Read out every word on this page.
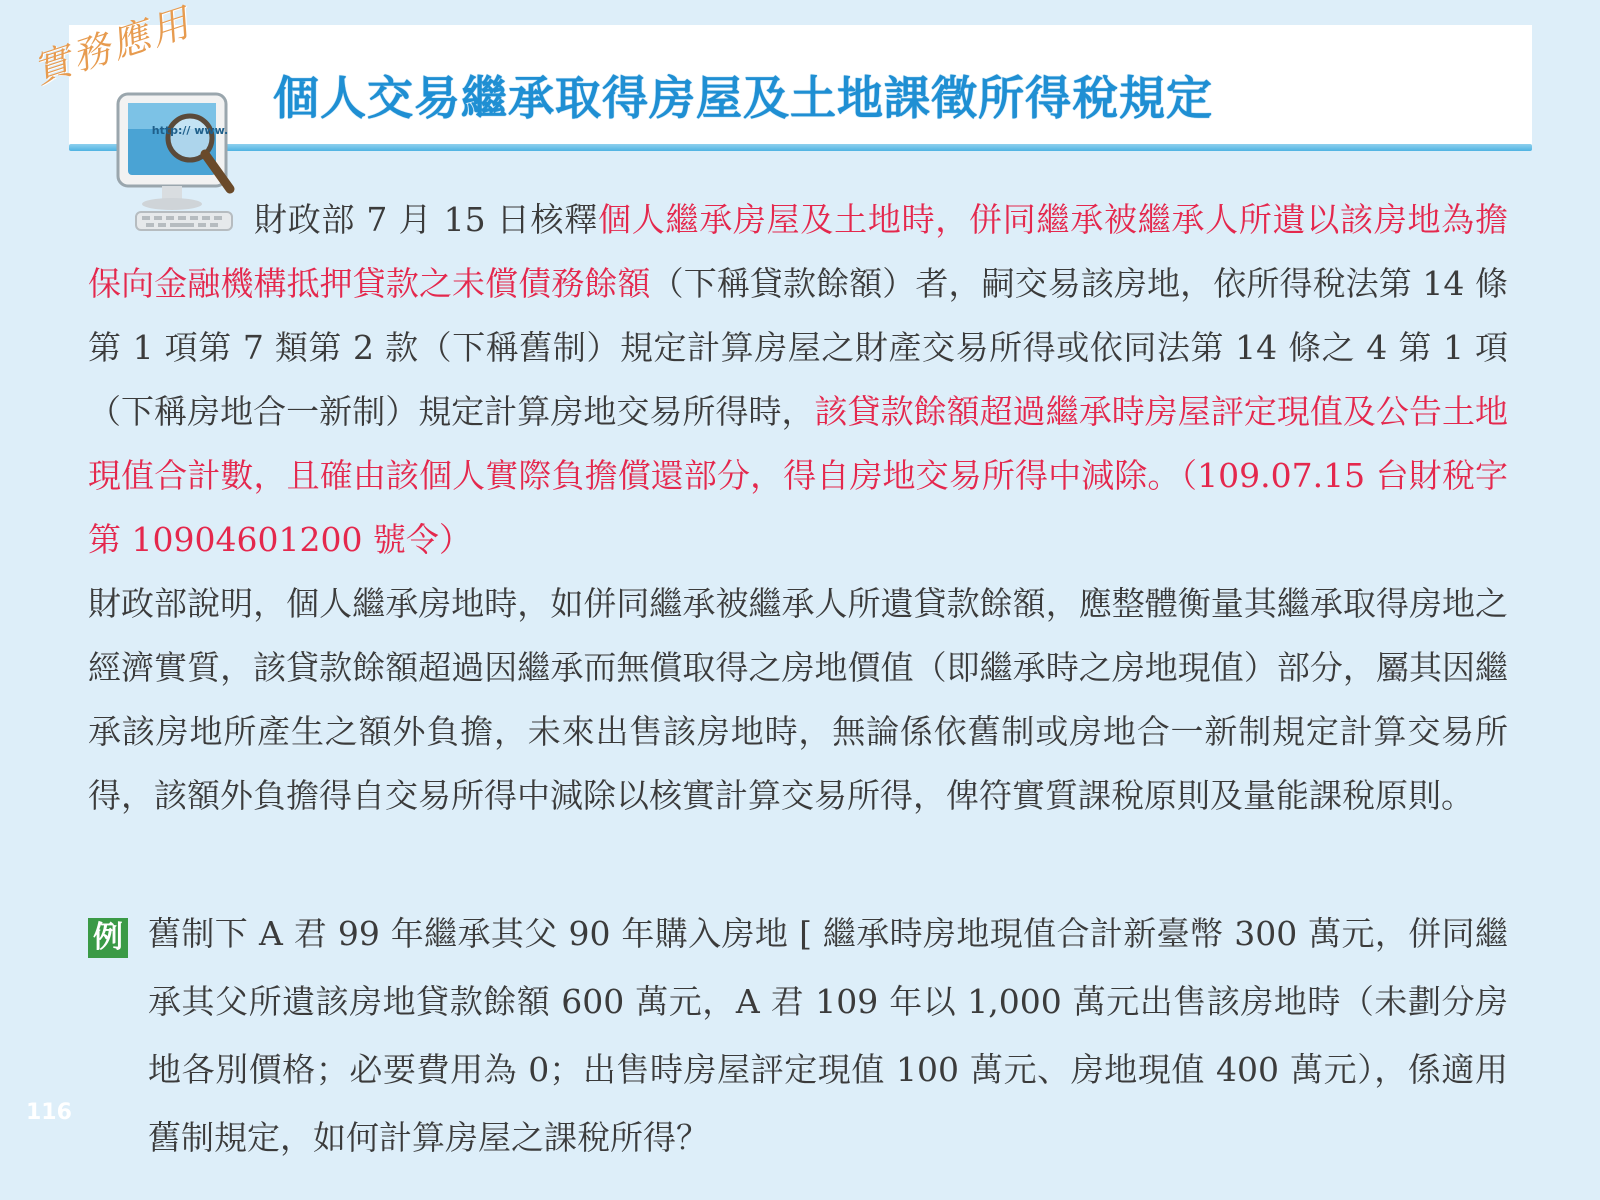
實務應用
http:// www.
個人交易繼承取得房屋及土地課徵所得稅規定
財政部 7 月 15 日核釋個人繼承房屋及土地時，併同繼承被繼承人所遺以該房地為擔保向金融機構抵押貸款之未償債務餘額（下稱貸款餘額）者，嗣交易該房地，依所得稅法第 14 條第 1 項第 7 類第 2 款（下稱舊制）規定計算房屋之財產交易所得或依同法第 14 條之 4 第 1 項（下稱房地合一新制）規定計算房地交易所得時，該貸款餘額超過繼承時房屋評定現值及公告土地現值合計數，且確由該個人實際負擔償還部分，得自房地交易所得中減除。（109.07.15 台財稅字第 10904601200 號令）
財政部說明，個人繼承房地時，如併同繼承被繼承人所遺貸款餘額，應整體衡量其繼承取得房地之經濟實質，該貸款餘額超過因繼承而無償取得之房地價值（即繼承時之房地現值）部分，屬其因繼承該房地所產生之額外負擔，未來出售該房地時，無論係依舊制或房地合一新制規定計算交易所得，該額外負擔得自交易所得中減除以核實計算交易所得，俾符實質課稅原則及量能課稅原則。
例 舊制下 A 君 99 年繼承其父 90 年購入房地 [ 繼承時房地現值合計新臺幣 300 萬元，併同繼承其父所遺該房地貸款餘額 600 萬元，A 君 109 年以 1,000 萬元出售該房地時（未劃分房地各別價格；必要費用為 0；出售時房屋評定現值 100 萬元、房地現值 400 萬元），係適用舊制規定，如何計算房屋之課稅所得？
116
